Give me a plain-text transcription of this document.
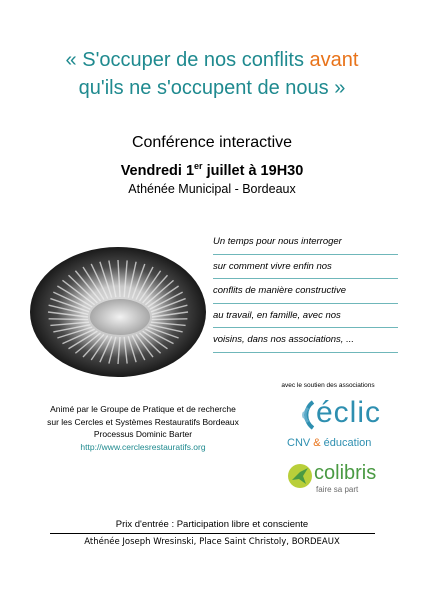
« S'occuper de nos conflits avant
qu'ils ne s'occupent de nous »
Conférence interactive
Vendredi 1er juillet à 19H30
Athénée Municipal - Bordeaux
Un temps pour nous interroger
sur comment vivre enfin nos
conflits de manière constructive
au travail, en famille, avec nos
voisins, dans nos associations, ...
Animé par le Groupe de Pratique et de recherche
sur les Cercles et Systèmes Restauratifs Bordeaux
Processus Dominic Barter
http://www.cerclesrestauratifs.org
avec le soutien des associations
éclic
CNV & éducation
colibris
faire sa part
Prix d'entrée : Participation libre et consciente
Athénée Joseph Wresinski, Place Saint Christoly, BORDEAUX
